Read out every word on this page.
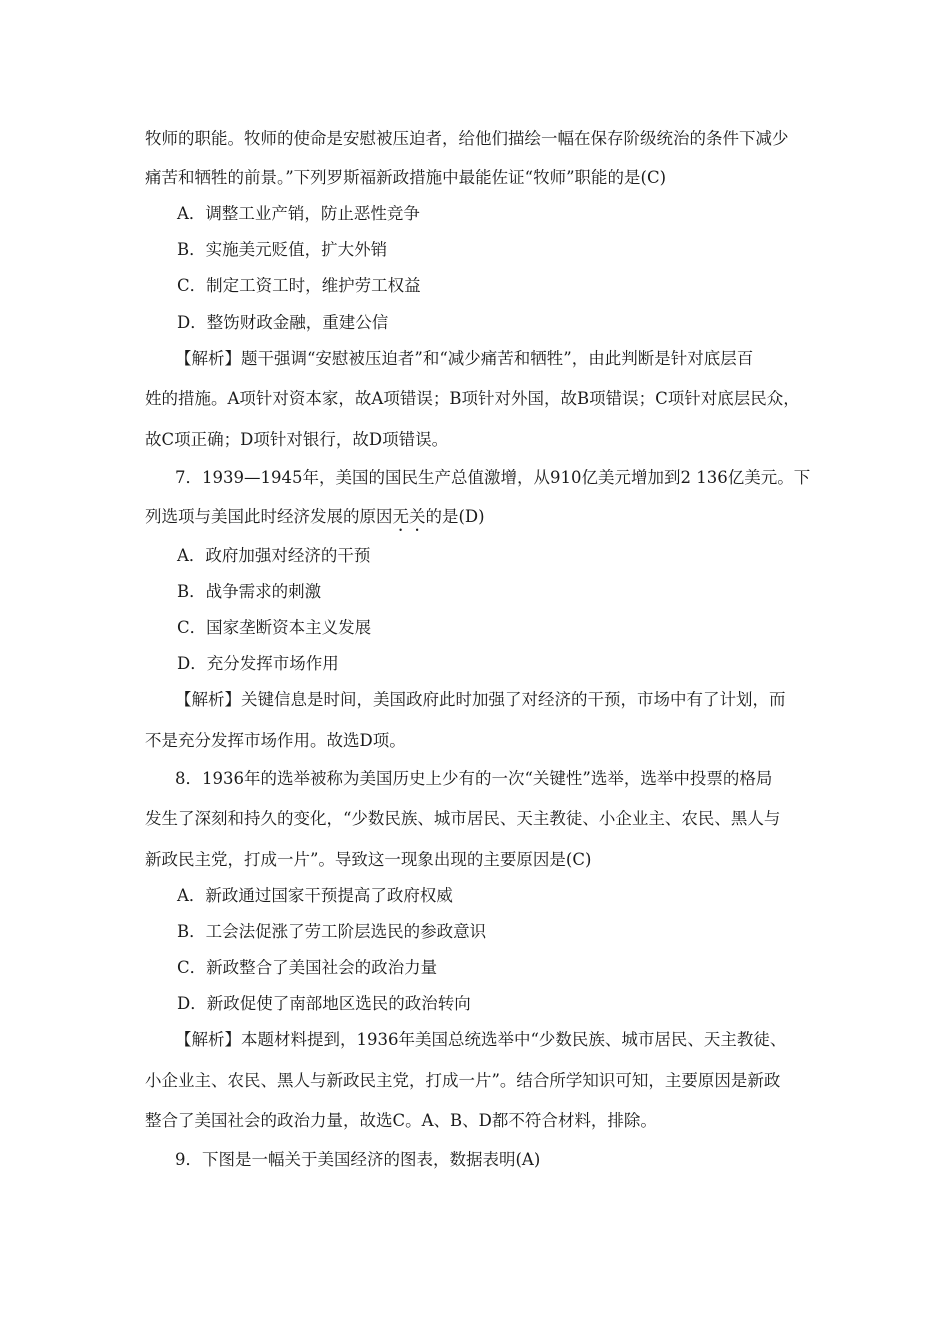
牧师的职能。牧师的使命是安慰被压迫者，给他们描绘一幅在保存阶级统治的条件下减少
痛苦和牺牲的前景。”下列罗斯福新政措施中最能佐证“牧师”职能的是(C)
A．调整工业产销，防止恶性竞争
B．实施美元贬值，扩大外销
C．制定工资工时，维护劳工权益
D．整饬财政金融，重建公信
【解析】题干强调“安慰被压迫者”和“减少痛苦和牺牲”，由此判断是针对底层百
姓的措施。A项针对资本家，故A项错误；B项针对外国，故B项错误；C项针对底层民众，
故C项正确；D项针对银行，故D项错误。
7．1939—1945年，美国的国民生产总值激增，从910亿美元增加到2 136亿美元。下
列选项与美国此时经济发展的原因无关的是(D)
A．政府加强对经济的干预
B．战争需求的刺激
C．国家垄断资本主义发展
D．充分发挥市场作用
【解析】关键信息是时间，美国政府此时加强了对经济的干预，市场中有了计划，而
不是充分发挥市场作用。故选D项。
8．1936年的选举被称为美国历史上少有的一次“关键性”选举，选举中投票的格局
发生了深刻和持久的变化，“少数民族、城市居民、天主教徒、小企业主、农民、黑人与
新政民主党，打成一片”。导致这一现象出现的主要原因是(C)
A．新政通过国家干预提高了政府权威
B．工会法促涨了劳工阶层选民的参政意识
C．新政整合了美国社会的政治力量
D．新政促使了南部地区选民的政治转向
【解析】本题材料提到，1936年美国总统选举中“少数民族、城市居民、天主教徒、
小企业主、农民、黑人与新政民主党，打成一片”。结合所学知识可知，主要原因是新政
整合了美国社会的政治力量，故选C。A、B、D都不符合材料，排除。
9．下图是一幅关于美国经济的图表，数据表明(A)
